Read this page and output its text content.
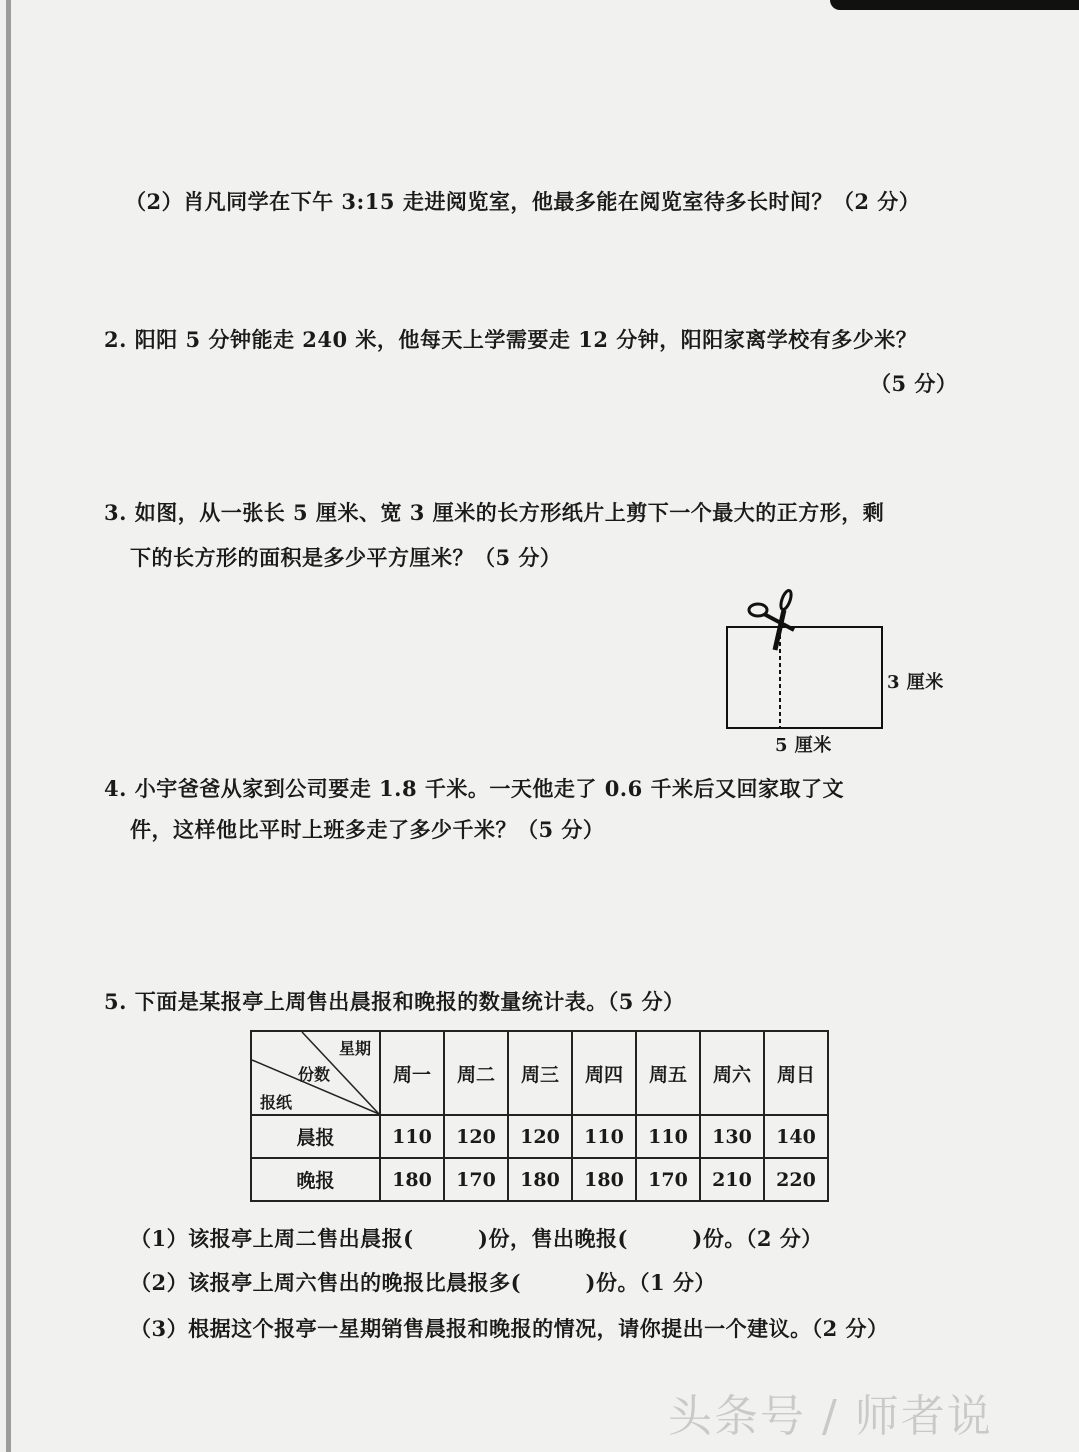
（2）肖凡同学在下午 3:15 走进阅览室，他最多能在阅览室待多长时间？（2 分）
2. 阳阳 5 分钟能走 240 米，他每天上学需要走 12 分钟，阳阳家离学校有多少米？
（5 分）
3. 如图，从一张长 5 厘米、宽 3 厘米的长方形纸片上剪下一个最大的正方形，剩
下的长方形的面积是多少平方厘米？（5 分）
3 厘米
5 厘米
4. 小宇爸爸从家到公司要走 1.8 千米。一天他走了 0.6 千米后又回家取了文
件，这样他比平时上班多走了多少千米？（5 分）
5. 下面是某报亭上周售出晨报和晚报的数量统计表。（5 分）
星期
份数
报纸	周一	周二	周三	周四	周五	周六	周日
晨报	110	120	120	110	110	130	140
晚报	180	170	180	180	170	210	220
（1）该报亭上周二售出晨报(　　　)份，售出晚报(　　　)份。（2 分）
（2）该报亭上周六售出的晚报比晨报多(　　　)份。（1 分）
（3）根据这个报亭一星期销售晨报和晚报的情况，请你提出一个建议。（2 分）
头条号 / 师者说
